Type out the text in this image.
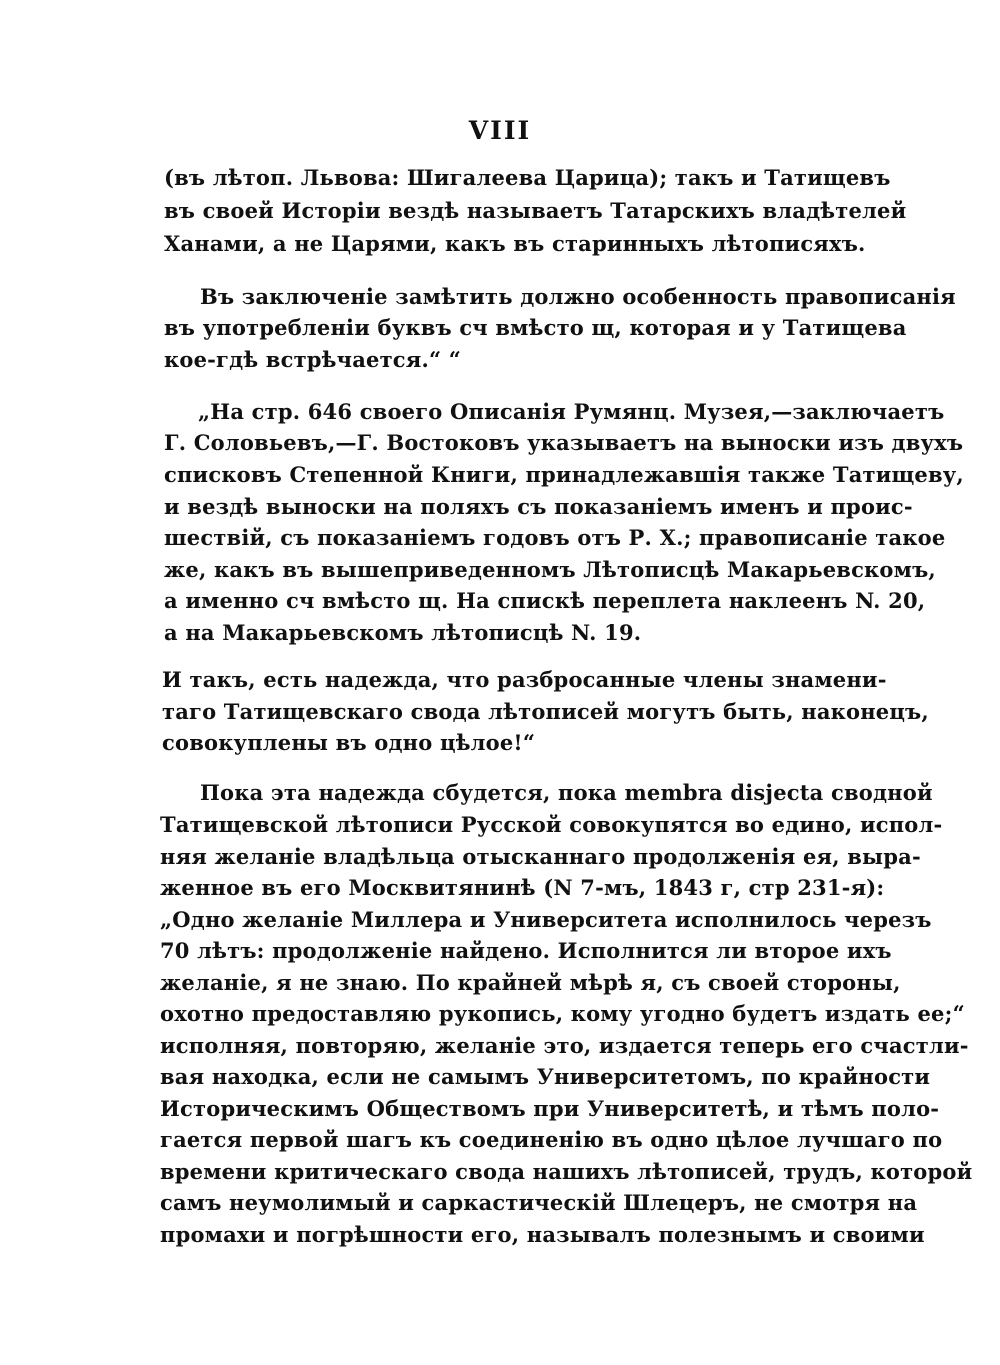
VIII
(въ лѣтоп. Львова: Шигалеева Царица); такъ и Татищевъ
въ своей Исторіи вездѣ называетъ Татарскихъ владѣтелей
Ханами, а не Царями, какъ въ старинныхъ лѣтописяхъ.
Въ заключеніе замѣтить должно особенность правописанія
въ употребленіи буквъ сч вмѣсто щ, которая и у Татищева
кое-гдѣ встрѣчается.“ “
„На стр. 646 своего Описанія Румянц. Музея,—заключаетъ
Г. Соловьевъ,—Г. Востоковъ указываетъ на выноски изъ двухъ
списковъ Степенной Книги, принадлежавшія также Татищеву,
и вездѣ выноски на поляхъ съ показаніемъ именъ и проис-
шествій, съ показаніемъ годовъ отъ Р. Х.; правописаніе такое
же, какъ въ вышеприведенномъ Лѣтописцѣ Макарьевскомъ,
а именно сч вмѣсто щ. На спискѣ переплета наклеенъ N. 20,
а на Макарьевскомъ лѣтописцѣ N. 19.
И такъ, есть надежда, что разбросанные члены знамени-
таго Татищевскаго свода лѣтописей могутъ быть, наконецъ,
совокуплены въ одно цѣлое!“
Пока эта надежда сбудется, пока membra disjecta сводной
Татищевской лѣтописи Русской совокупятся во едино, испол-
няя желаніе владѣльца отысканнаго продолженія ея, выра-
женное въ его Москвитянинѣ (N 7-мъ, 1843 г, стр 231-я):
„Одно желаніе Миллера и Университета исполнилось черезъ
70 лѣтъ: продолженіе найдено. Исполнится ли второе ихъ
желаніе, я не знаю. По крайней мѣрѣ я, съ своей стороны,
охотно предоставляю рукопись, кому угодно будетъ издать ее;“
исполняя, повторяю, желаніе это, издается теперь его счастли-
вая находка, если не самымъ Университетомъ, по крайности
Историческимъ Обществомъ при Университетѣ, и тѣмъ поло-
гается первой шагъ къ соединенію въ одно цѣлое лучшаго по
времени критическаго свода нашихъ лѣтописей, трудъ, которой
самъ неумолимый и саркастическій Шлецеръ, не смотря на
промахи и погрѣшности его, называлъ полезнымъ и своими
